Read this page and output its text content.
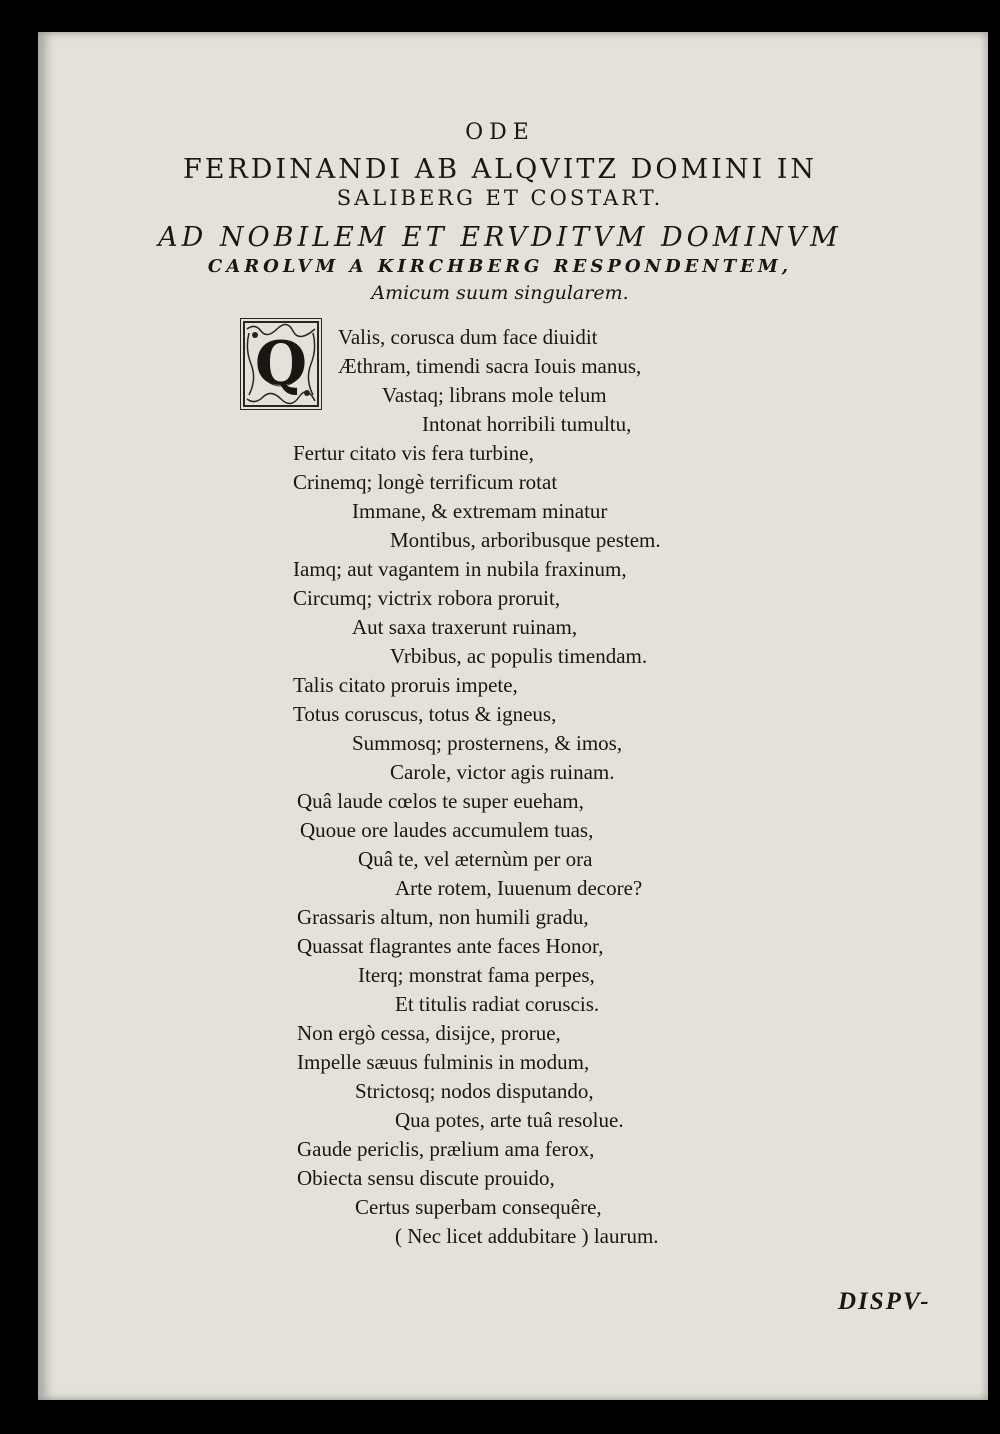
ODE
FERDINANDI AB ALQVITZ DOMINI IN
SALIBERG ET COSTART.
AD NOBILEM ET ERVDITVM DOMINVM
CAROLVM A KIRCHBERG RESPONDENTEM,
Amicum suum singularem.
Q Valis, corusca dum face diuidit
Æthram, timendi sacra Iouis manus,
Vastaq; librans mole telum
Intonat horribili tumultu,
Fertur citato vis fera turbine,
Crinemq; longè terrificum rotat
Immane, & extremam minatur
Montibus, arboribusque pestem.
Iamq; aut vagantem in nubila fraxinum,
Circumq; victrix robora proruit,
Aut saxa traxerunt ruinam,
Vrbibus, ac populis timendam.
Talis citato proruis impete,
Totus coruscus, totus & igneus,
Summosq; prosternens, & imos,
Carole, victor agis ruinam.
Quâ laude cœlos te super eueham,
Quoue ore laudes accumulem tuas,
Quâ te, vel æternùm per ora
Arte rotem, Iuuenum decore?
Grassaris altum, non humili gradu,
Quassat flagrantes ante faces Honor,
Iterq; monstrat fama perpes,
Et titulis radiat coruscis.
Non ergò cessa, disijce, prorue,
Impelle sæuus fulminis in modum,
Strictosq; nodos disputando,
Qua potes, arte tuâ resolue.
Gaude periclis, prælium ama ferox,
Obiecta sensu discute prouido,
Certus superbam consequêre,
( Nec licet addubitare ) laurum.
DISPV-
